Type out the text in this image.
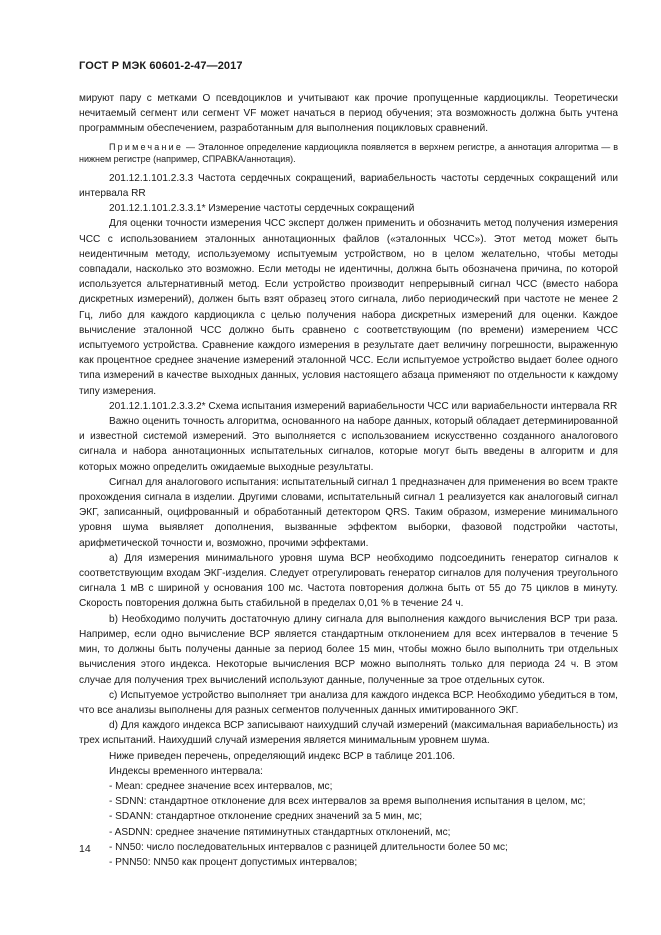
ГОСТ Р МЭК 60601-2-47—2017

мируют пару с метками O псевдоциклов и учитывают как прочие пропущенные кардиоциклы. Теоретически нечитаемый сегмент или сегмент VF может начаться в период обучения; эта возможность должна быть учтена программным обеспечением, разработанным для выполнения поцикловых сравнений.

Примечание — Эталонное определение кардиоцикла появляется в верхнем регистре, а аннотация алгоритма — в нижнем регистре (например, СПРАВКА/аннотация).

201.12.1.101.2.3.3 Частота сердечных сокращений, вариабельность частоты сердечных сокращений или интервала RR

201.12.1.101.2.3.3.1* Измерение частоты сердечных сокращений

Для оценки точности измерения ЧСС эксперт должен применить и обозначить метод получения измерения ЧСС с использованием эталонных аннотационных файлов («эталонных ЧСС»). Этот метод может быть неидентичным методу, используемому испытуемым устройством, но в целом желательно, чтобы методы совпадали, насколько это возможно. Если методы не идентичны, должна быть обозначена причина, по которой используется альтернативный метод. Если устройство производит непрерывный сигнал ЧСС (вместо набора дискретных измерений), должен быть взят образец этого сигнала, либо периодический при частоте не менее 2 Гц, либо для каждого кардиоцикла с целью получения набора дискретных измерений для оценки. Каждое вычисление эталонной ЧСС должно быть сравнено с соответствующим (по времени) измерением ЧСС испытуемого устройства. Сравнение каждого измерения в результате дает величину погрешности, выраженную как процентное среднее значение измерений эталонной ЧСС. Если испытуемое устройство выдает более одного типа измерений в качестве выходных данных, условия настоящего абзаца применяют по отдельности к каждому типу измерения.

201.12.1.101.2.3.3.2* Схема испытания измерений вариабельности ЧСС или вариабельности интервала RR

Важно оценить точность алгоритма, основанного на наборе данных, который обладает детерминированной и известной системой измерений. Это выполняется с использованием искусственно созданного аналогового сигнала и набора аннотационных испытательных сигналов, которые могут быть введены в алгоритм и для которых можно определить ожидаемые выходные результаты.

Сигнал для аналогового испытания: испытательный сигнал 1 предназначен для применения во всем тракте прохождения сигнала в изделии. Другими словами, испытательный сигнал 1 реализуется как аналоговый сигнал ЭКГ, записанный, оцифрованный и обработанный детектором QRS. Таким образом, измерение минимального уровня шума выявляет дополнения, вызванные эффектом выборки, фазовой подстройки частоты, арифметической точности и, возможно, прочими эффектами.

a) Для измерения минимального уровня шума ВСР необходимо подсоединить генератор сигналов к соответствующим входам ЭКГ-изделия. Следует отрегулировать генератор сигналов для получения треугольного сигнала 1 мВ с шириной у основания 100 мс. Частота повторения должна быть от 55 до 75 циклов в минуту. Скорость повторения должна быть стабильной в пределах 0,01 % в течение 24 ч.

b) Необходимо получить достаточную длину сигнала для выполнения каждого вычисления ВСР три раза. Например, если одно вычисление ВСР является стандартным отклонением для всех интервалов в течение 5 мин, то должны быть получены данные за период более 15 мин, чтобы можно было выполнить три отдельных вычисления этого индекса. Некоторые вычисления ВСР можно выполнять только для периода 24 ч. В этом случае для получения трех вычислений используют данные, полученные за трое отдельных суток.

c) Испытуемое устройство выполняет три анализа для каждого индекса ВСР. Необходимо убедиться в том, что все анализы выполнены для разных сегментов полученных данных имитированного ЭКГ.

d) Для каждого индекса ВСР записывают наихудший случай измерений (максимальная вариабельность) из трех испытаний. Наихудший случай измерения является минимальным уровнем шума.

Ниже приведен перечень, определяющий индекс ВСР в таблице 201.106.

Индексы временного интервала:

- Mean: среднее значение всех интервалов, мс;

- SDNN: стандартное отклонение для всех интервалов за время выполнения испытания в целом, мс;

- SDANN: стандартное отклонение средних значений за 5 мин, мс;

- ASDNN: среднее значение пятиминутных стандартных отклонений, мс;

- NN50: число последовательных интервалов с разницей длительности более 50 мс;

- PNN50: NN50 как процент допустимых интервалов;

14
